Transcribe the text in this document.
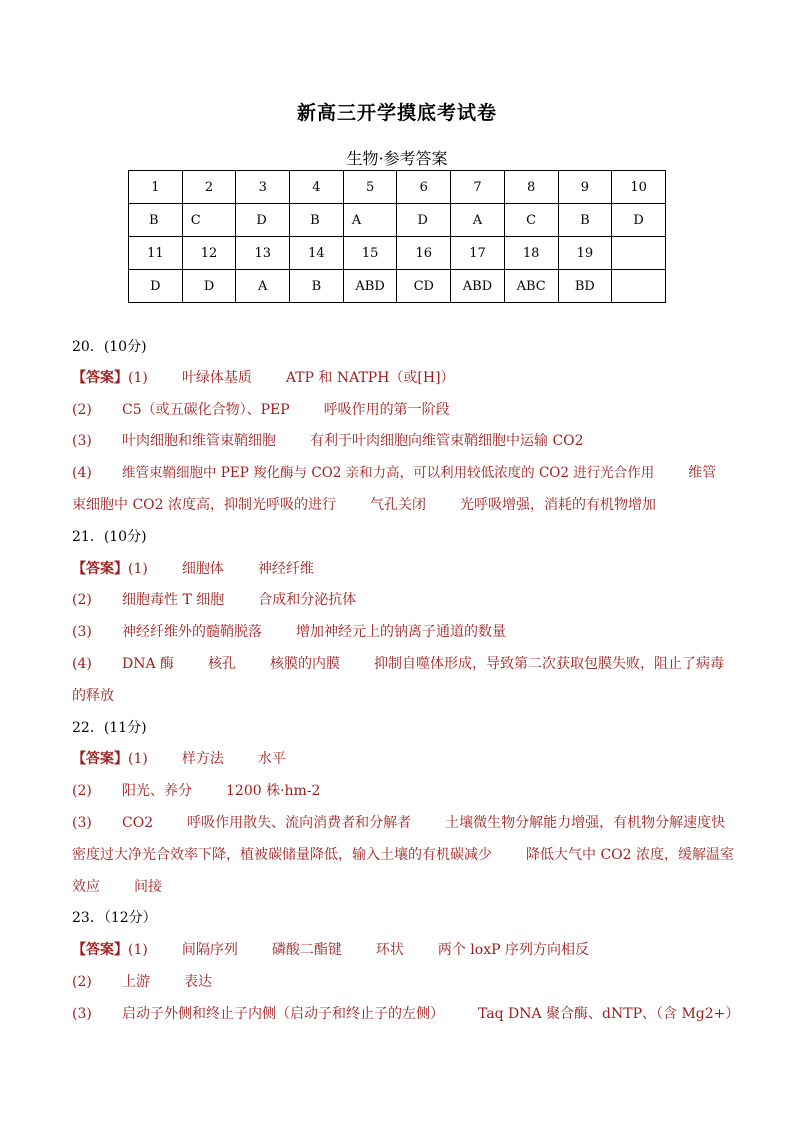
新高三开学摸底考试卷
生物·参考答案
1	2	3	4	5	6	7	8	9	10
B	C	D	B	A	D	A	C	B	D
11	12	13	14	15	16	17	18	19	
D	D	A	B	ABD	CD	ABD	ABC	BD	
20．(10分)
【答案】(1) 叶绿体基质 ATP 和 NATPH（或[H]）
(2) C5（或五碳化合物）、PEP 呼吸作用的第一阶段
(3) 叶肉细胞和维管束鞘细胞 有利于叶肉细胞向维管束鞘细胞中运输 CO2
(4) 维管束鞘细胞中 PEP 羧化酶与 CO2 亲和力高，可以利用较低浓度的 CO2 进行光合作用 维管
束细胞中 CO2 浓度高，抑制光呼吸的进行 气孔关闭 光呼吸增强，消耗的有机物增加
21．(10分)
【答案】(1) 细胞体 神经纤维
(2) 细胞毒性 T 细胞 合成和分泌抗体
(3) 神经纤维外的髓鞘脱落 增加神经元上的钠离子通道的数量
(4) DNA 酶 核孔 核膜的内膜 抑制自噬体形成，导致第二次获取包膜失败，阻止了病毒
的释放
22．(11分)
【答案】(1) 样方法 水平
(2) 阳光、养分 1200 株·hm-2
(3) CO2 呼吸作用散失、流向消费者和分解者 土壤微生物分解能力增强，有机物分解速度快
密度过大净光合效率下降，植被碳储量降低，输入土壤的有机碳减少 降低大气中 CO2 浓度，缓解温室
效应 间接
23．（12分）
【答案】(1) 间隔序列 磷酸二酯键 环状 两个 loxP 序列方向相反
(2) 上游 表达
(3) 启动子外侧和终止子内侧（启动子和终止子的左侧） Taq DNA 聚合酶、dNTP、（含 Mg2+）
